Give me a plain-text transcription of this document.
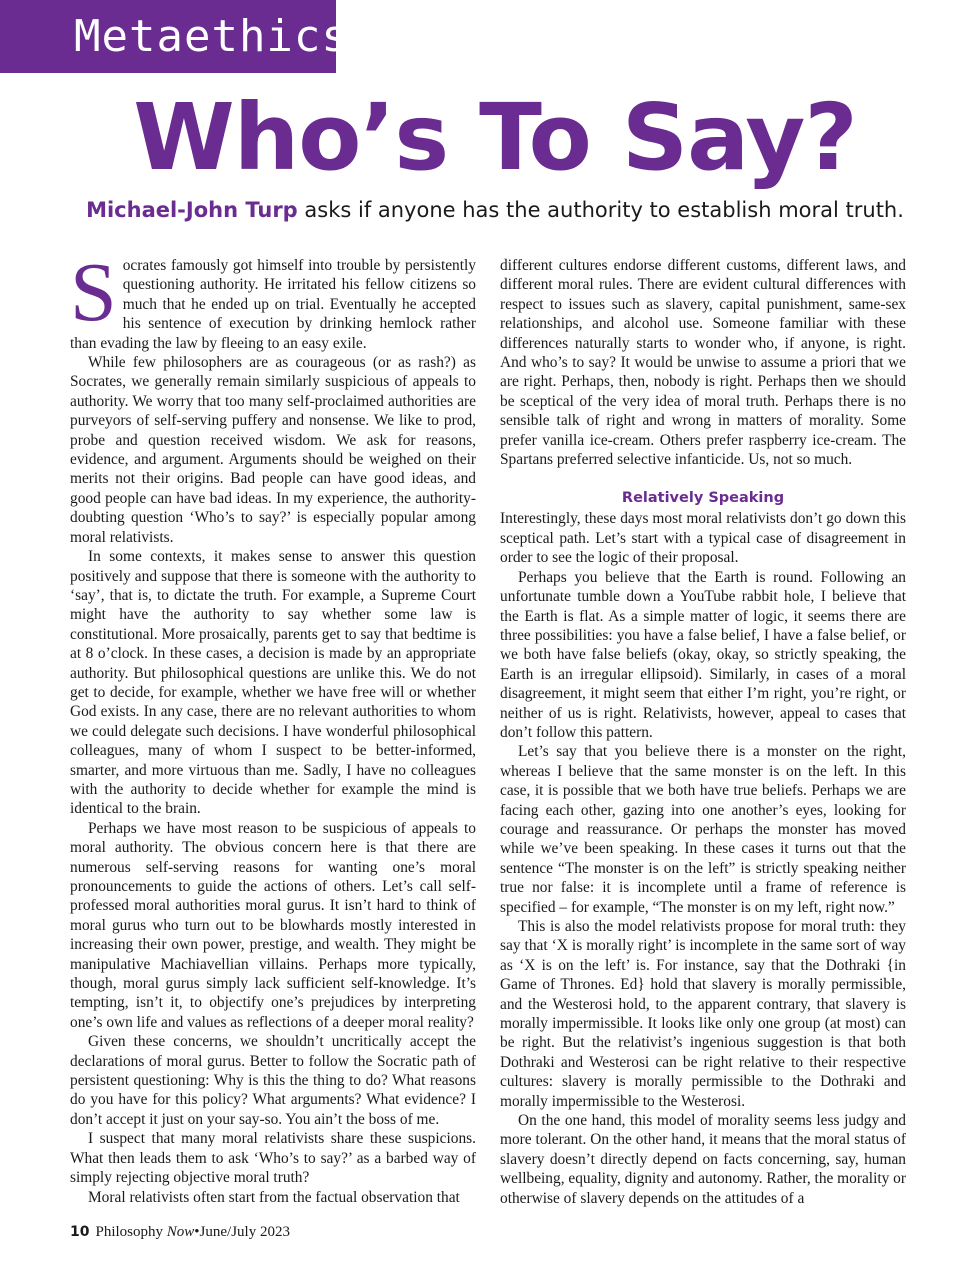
Metaethics
Who’s To Say?

Michael-John Turp asks if anyone has the authority to establish moral truth.

Socrates famously got himself into trouble by persistently questioning authority. He irritated his fellow citizens so much that he ended up on trial. Eventually he accepted his sentence of execution by drinking hemlock rather than evading the law by fleeing to an easy exile.

While few philosophers are as courageous (or as rash?) as Socrates, we generally remain similarly suspicious of appeals to authority. We worry that too many self-proclaimed authorities are purveyors of self-serving puffery and nonsense. We like to prod, probe and question received wisdom. We ask for reasons, evidence, and argument. Arguments should be weighed on their merits not their origins. Bad people can have good ideas, and good people can have bad ideas. In my experience, the authority-doubting question ‘Who’s to say?’ is especially popular among moral relativists.

In some contexts, it makes sense to answer this question positively and suppose that there is someone with the authority to ‘say’, that is, to dictate the truth. For example, a Supreme Court might have the authority to say whether some law is constitutional. More prosaically, parents get to say that bedtime is at 8 o’clock. In these cases, a decision is made by an appropriate authority. But philosophical questions are unlike this. We do not get to decide, for example, whether we have free will or whether God exists. In any case, there are no relevant authorities to whom we could delegate such decisions. I have wonderful philosophical colleagues, many of whom I suspect to be better-informed, smarter, and more virtuous than me. Sadly, I have no colleagues with the authority to decide whether for example the mind is identical to the brain.

Perhaps we have most reason to be suspicious of appeals to moral authority. The obvious concern here is that there are numerous self-serving reasons for wanting one’s moral pronouncements to guide the actions of others. Let’s call self-professed moral authorities moral gurus. It isn’t hard to think of moral gurus who turn out to be blowhards mostly interested in increasing their own power, prestige, and wealth. They might be manipulative Machiavellian villains. Perhaps more typically, though, moral gurus simply lack sufficient self-knowledge. It’s tempting, isn’t it, to objectify one’s prejudices by interpreting one’s own life and values as reflections of a deeper moral reality?

Given these concerns, we shouldn’t uncritically accept the declarations of moral gurus. Better to follow the Socratic path of persistent questioning: Why is this the thing to do? What reasons do you have for this policy? What arguments? What evidence? I don’t accept it just on your say-so. You ain’t the boss of me.

I suspect that many moral relativists share these suspicions. What then leads them to ask ‘Who’s to say?’ as a barbed way of simply rejecting objective moral truth?

Moral relativists often start from the factual observation that

different cultures endorse different customs, different laws, and different moral rules. There are evident cultural differences with respect to issues such as slavery, capital punishment, same-sex relationships, and alcohol use. Someone familiar with these differences naturally starts to wonder who, if anyone, is right. And who’s to say? It would be unwise to assume a priori that we are right. Perhaps, then, nobody is right. Perhaps then we should be sceptical of the very idea of moral truth. Perhaps there is no sensible talk of right and wrong in matters of morality. Some prefer vanilla ice-cream. Others prefer raspberry ice-cream. The Spartans preferred selective infanticide. Us, not so much.

Relatively Speaking

Interestingly, these days most moral relativists don’t go down this sceptical path. Let’s start with a typical case of disagreement in order to see the logic of their proposal.

Perhaps you believe that the Earth is round. Following an unfortunate tumble down a YouTube rabbit hole, I believe that the Earth is flat. As a simple matter of logic, it seems there are three possibilities: you have a false belief, I have a false belief, or we both have false beliefs (okay, okay, so strictly speaking, the Earth is an irregular ellipsoid). Similarly, in cases of a moral disagreement, it might seem that either I’m right, you’re right, or neither of us is right. Relativists, however, appeal to cases that don’t follow this pattern.

Let’s say that you believe there is a monster on the right, whereas I believe that the same monster is on the left. In this case, it is possible that we both have true beliefs. Perhaps we are facing each other, gazing into one another’s eyes, looking for courage and reassurance. Or perhaps the monster has moved while we’ve been speaking. In these cases it turns out that the sentence “The monster is on the left” is strictly speaking neither true nor false: it is incomplete until a frame of reference is specified – for example, “The monster is on my left, right now.”

This is also the model relativists propose for moral truth: they say that ‘X is morally right’ is incomplete in the same sort of way as ‘X is on the left’ is. For instance, say that the Dothraki {in Game of Thrones. Ed} hold that slavery is morally permissible, and the Westerosi hold, to the apparent contrary, that slavery is morally impermissible. It looks like only one group (at most) can be right. But the relativist’s ingenious suggestion is that both Dothraki and Westerosi can be right relative to their respective cultures: slavery is morally permissible to the Dothraki and morally impermissible to the Westerosi.

On the one hand, this model of morality seems less judgy and more tolerant. On the other hand, it means that the moral status of slavery doesn’t directly depend on facts concerning, say, human wellbeing, equality, dignity and autonomy. Rather, the morality or otherwise of slavery depends on the attitudes of a

10 Philosophy Now•June/July 2023
